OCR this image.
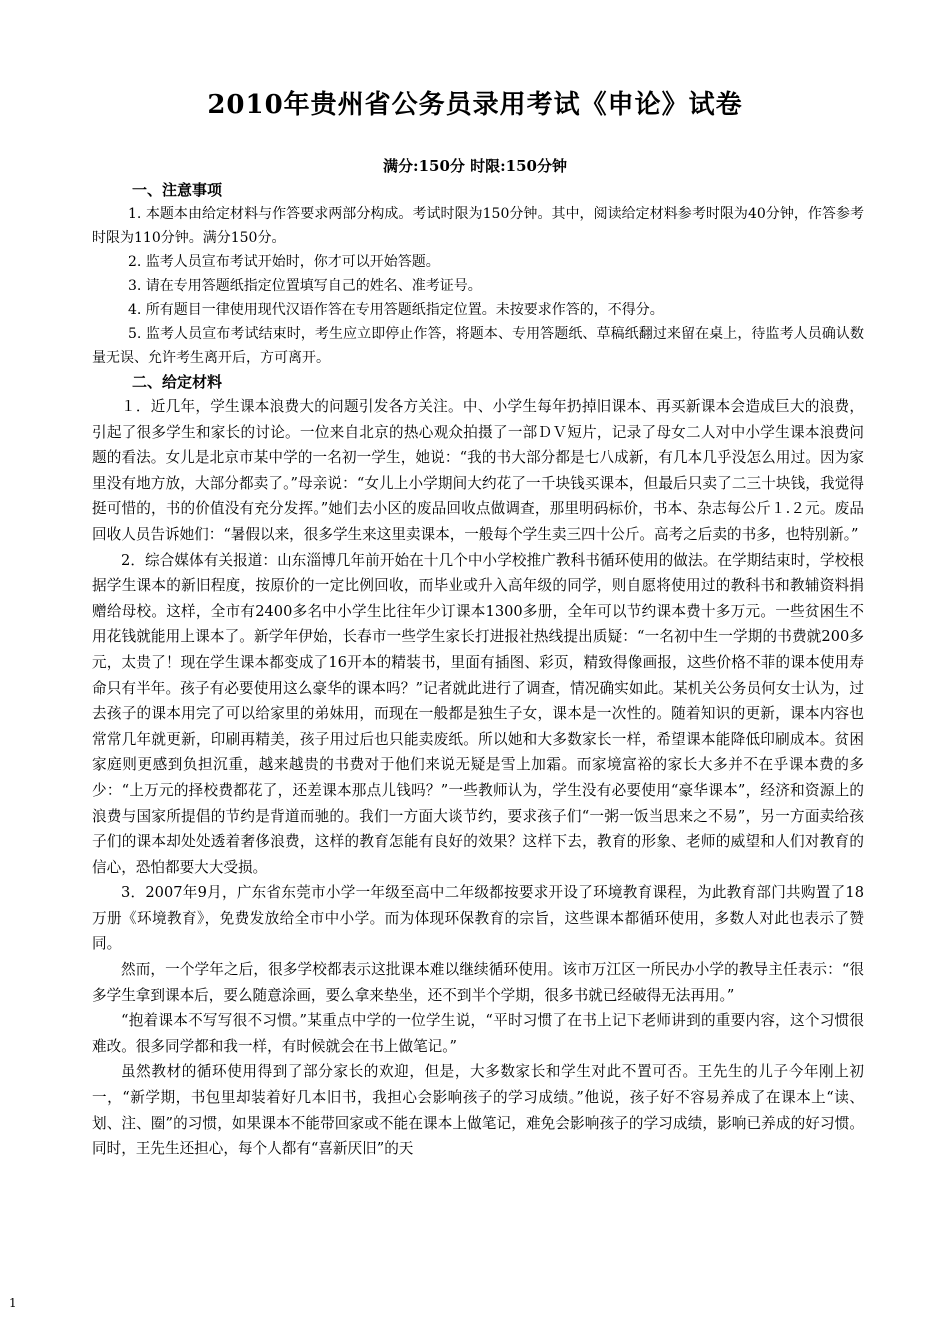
2010年贵州省公务员录用考试《申论》试卷
满分:150分 时限:150分钟
一、注意事项

1. 本题本由给定材料与作答要求两部分构成。考试时限为150分钟。其中，阅读给定材料参考时限为40分钟，作答参考时限为110分钟。满分150分。

2. 监考人员宣布考试开始时，你才可以开始答题。

3. 请在专用答题纸指定位置填写自己的姓名、准考证号。

4. 所有题目一律使用现代汉语作答在专用答题纸指定位置。未按要求作答的，不得分。

5. 监考人员宣布考试结束时，考生应立即停止作答，将题本、专用答题纸、草稿纸翻过来留在桌上，待监考人员确认数量无误、允许考生离开后，方可离开。

二、给定材料

１．近几年，学生课本浪费大的问题引发各方关注。中、小学生每年扔掉旧课本、再买新课本会造成巨大的浪费，引起了很多学生和家长的讨论。一位来自北京的热心观众拍摄了一部ＤＶ短片，记录了母女二人对中小学生课本浪费问题的看法。女儿是北京市某中学的一名初一学生，她说：“我的书大部分都是七八成新，有几本几乎没怎么用过。因为家里没有地方放，大部分都卖了。”母亲说：“女儿上小学期间大约花了一千块钱买课本，但最后只卖了二三十块钱，我觉得挺可惜的，书的价值没有充分发挥。”她们去小区的废品回收点做调查，那里明码标价，书本、杂志每公斤１.２元。废品回收人员告诉她们：“暑假以来，很多学生来这里卖课本，一般每个学生卖三四十公斤。高考之后卖的书多，也特别新。”

2．综合媒体有关报道：山东淄博几年前开始在十几个中小学校推广教科书循环使用的做法。在学期结束时，学校根据学生课本的新旧程度，按原价的一定比例回收，而毕业或升入高年级的同学，则自愿将使用过的教科书和教辅资料捐赠给母校。这样，全市有2400多名中小学生比往年少订课本1300多册，全年可以节约课本费十多万元。一些贫困生不用花钱就能用上课本了。新学年伊始，长春市一些学生家长打进报社热线提出质疑：“一名初中生一学期的书费就200多元，太贵了！现在学生课本都变成了16开本的精装书，里面有插图、彩页，精致得像画报，这些价格不菲的课本使用寿命只有半年。孩子有必要使用这么豪华的课本吗？”记者就此进行了调查，情况确实如此。某机关公务员何女士认为，过去孩子的课本用完了可以给家里的弟妹用，而现在一般都是独生子女，课本是一次性的。随着知识的更新，课本内容也常常几年就更新，印刷再精美，孩子用过后也只能卖废纸。所以她和大多数家长一样，希望课本能降低印刷成本。贫困家庭则更感到负担沉重，越来越贵的书费对于他们来说无疑是雪上加霜。而家境富裕的家长大多并不在乎课本费的多少：“上万元的择校费都花了，还差课本那点儿钱吗？”一些教师认为，学生没有必要使用“豪华课本”，经济和资源上的浪费与国家所提倡的节约是背道而驰的。我们一方面大谈节约，要求孩子们“一粥一饭当思来之不易”，另一方面卖给孩子们的课本却处处透着奢侈浪费，这样的教育怎能有良好的效果？这样下去，教育的形象、老师的威望和人们对教育的信心，恐怕都要大大受损。

3．2007年9月，广东省东莞市小学一年级至高中二年级都按要求开设了环境教育课程，为此教育部门共购置了18万册《环境教育》，免费发放给全市中小学。而为体现环保教育的宗旨，这些课本都循环使用，多数人对此也表示了赞同。

然而，一个学年之后，很多学校都表示这批课本难以继续循环使用。该市万江区一所民办小学的教导主任表示：“很多学生拿到课本后，要么随意涂画，要么拿来垫坐，还不到半个学期，很多书就已经破得无法再用。”

“抱着课本不写写很不习惯。”某重点中学的一位学生说，“平时习惯了在书上记下老师讲到的重要内容，这个习惯很难改。很多同学都和我一样，有时候就会在书上做笔记。”

虽然教材的循环使用得到了部分家长的欢迎，但是，大多数家长和学生对此不置可否。王先生的儿子今年刚上初一，“新学期，书包里却装着好几本旧书，我担心会影响孩子的学习成绩。”他说，孩子好不容易养成了在课本上“读、划、注、圈”的习惯，如果课本不能带回家或不能在课本上做笔记，难免会影响孩子的学习成绩，影响已养成的好习惯。同时，王先生还担心，每个人都有“喜新厌旧”的天

1
